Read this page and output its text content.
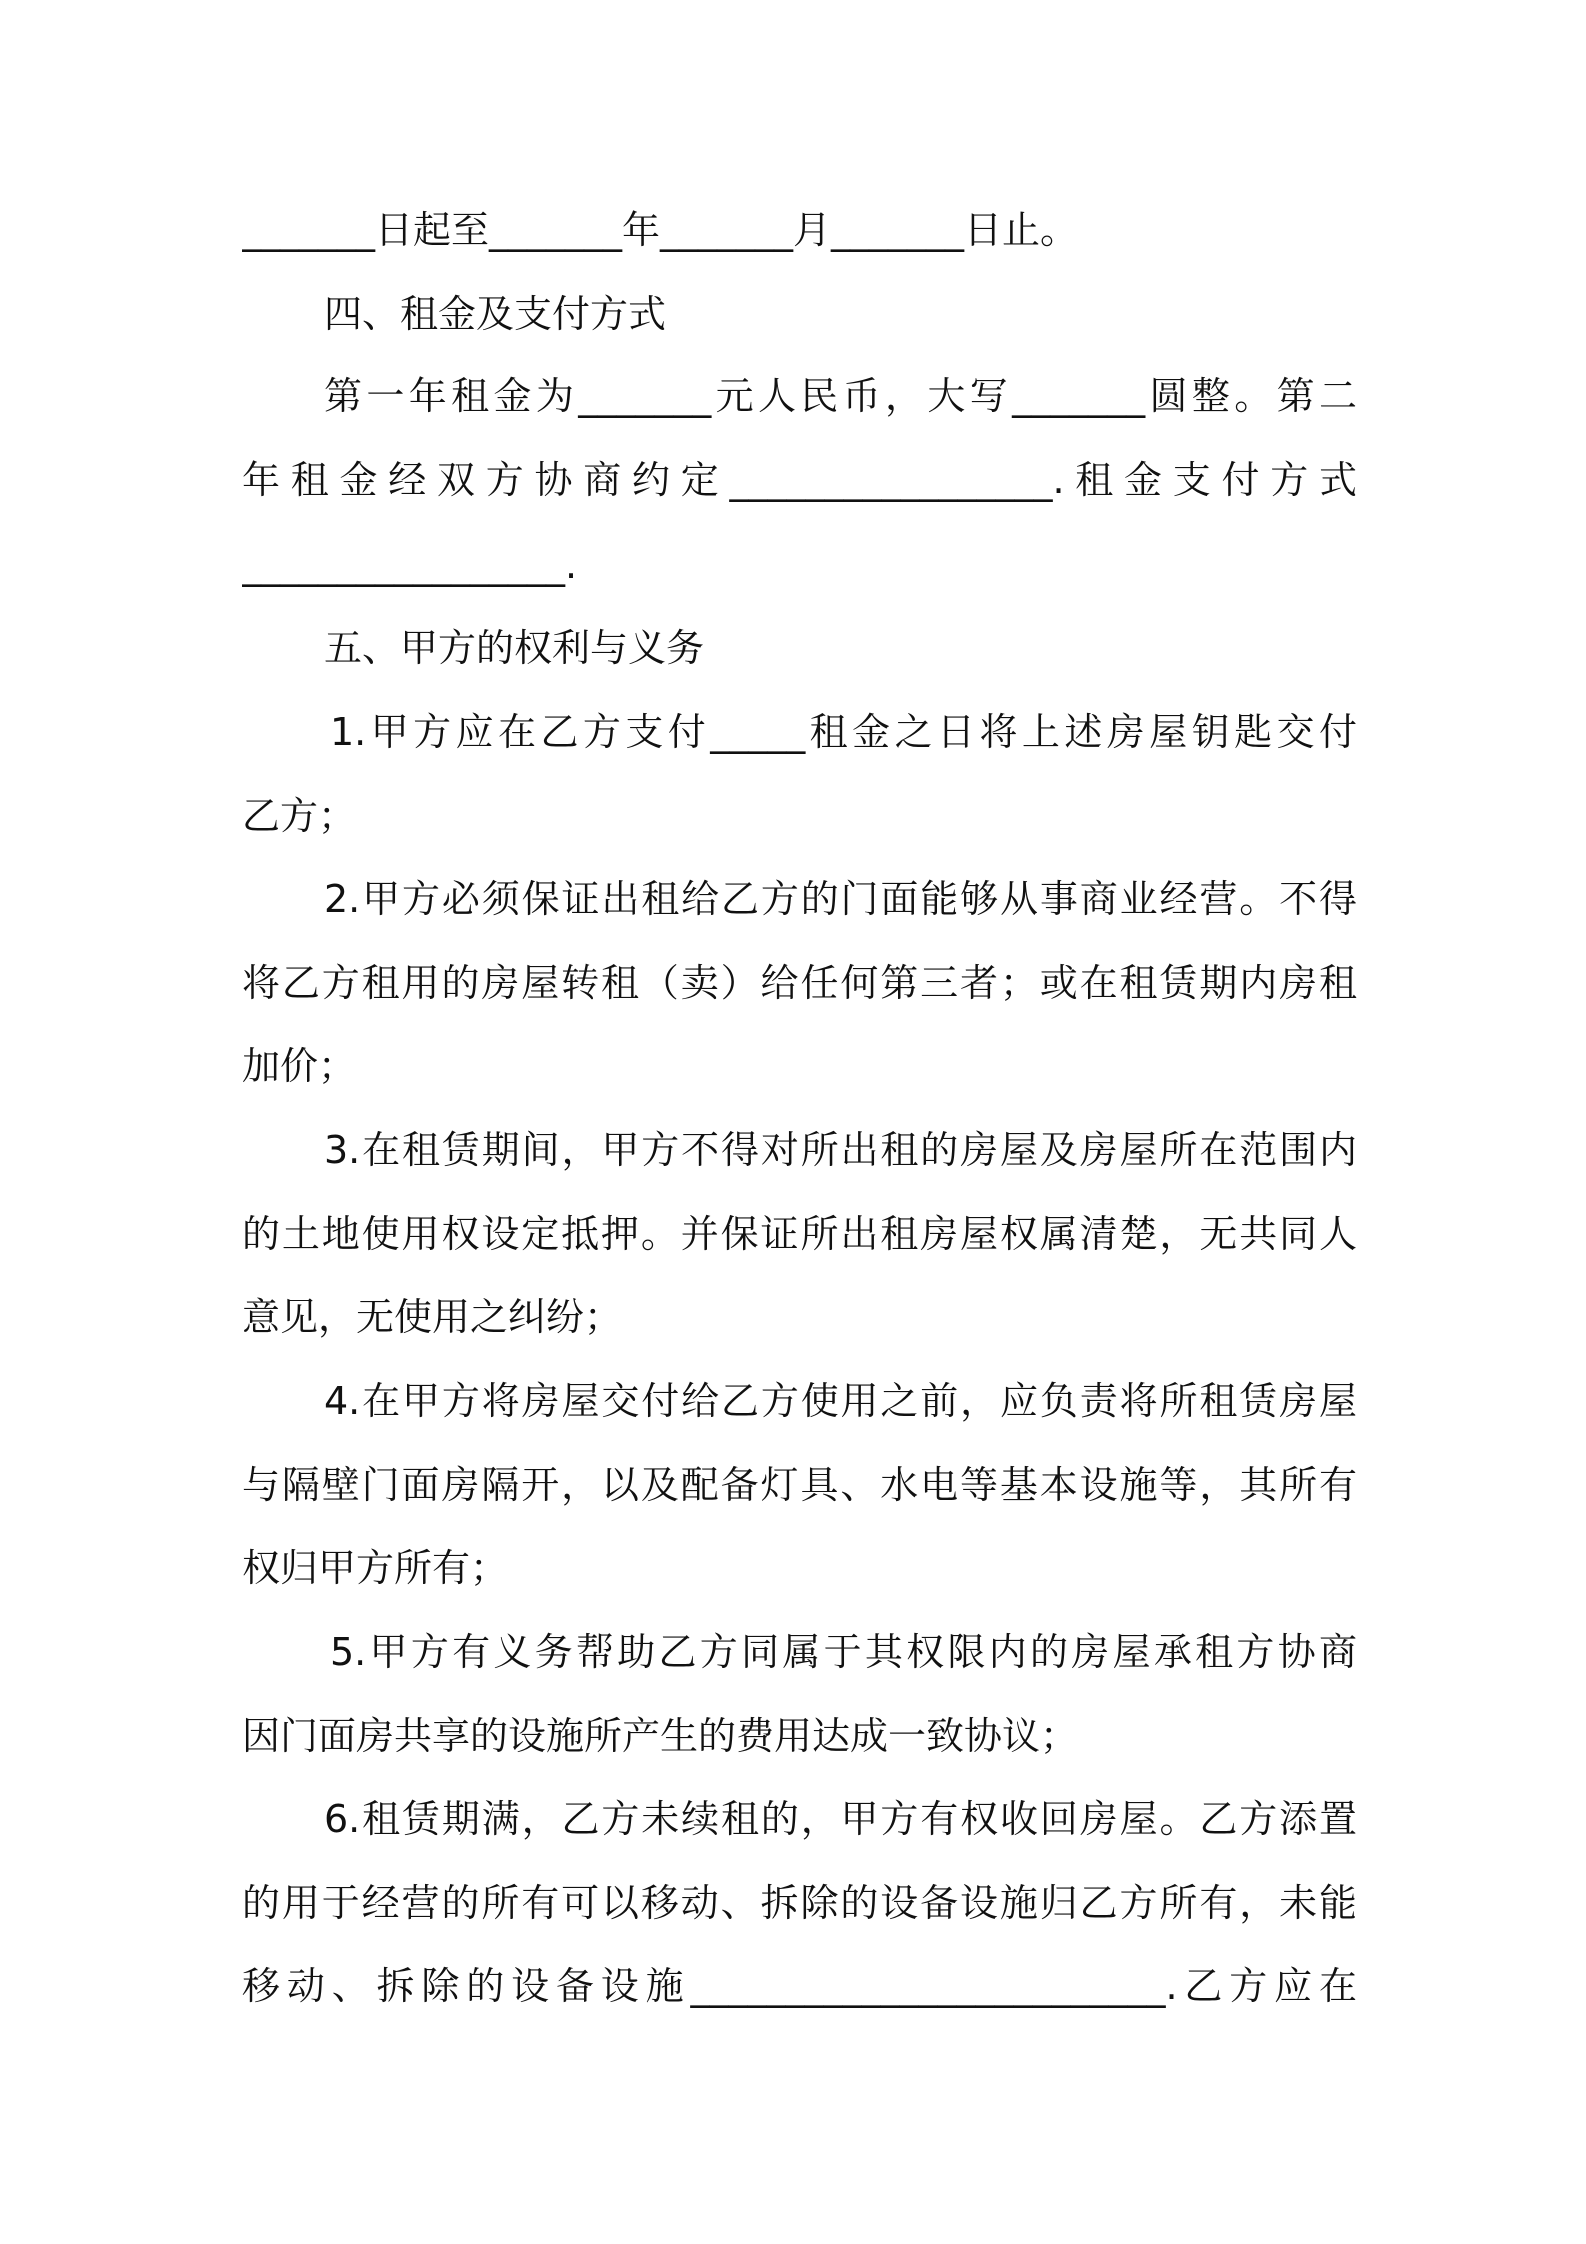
_______日起至_______年_______月_______日止。
四、租金及支付方式
第一年租金为_______元人民币，大写_______圆整。第二
年租金经双方协商约定_________________.租金支付方式
_________________.
五、甲方的权利与义务
1.甲方应在乙方支付_____租金之日将上述房屋钥匙交付
乙方；
2.甲方必须保证出租给乙方的门面能够从事商业经营。不得
将乙方租用的房屋转租（卖）给任何第三者；或在租赁期内房租
加价；
3.在租赁期间，甲方不得对所出租的房屋及房屋所在范围内
的土地使用权设定抵押。并保证所出租房屋权属清楚，无共同人
意见，无使用之纠纷；
4.在甲方将房屋交付给乙方使用之前，应负责将所租赁房屋
与隔壁门面房隔开，以及配备灯具、水电等基本设施等，其所有
权归甲方所有；
5.甲方有义务帮助乙方同属于其权限内的房屋承租方协商
因门面房共享的设施所产生的费用达成一致协议；
6.租赁期满，乙方未续租的，甲方有权收回房屋。乙方添置
的用于经营的所有可以移动、拆除的设备设施归乙方所有，未能
移动、拆除的设备设施_________________________.乙方应在
